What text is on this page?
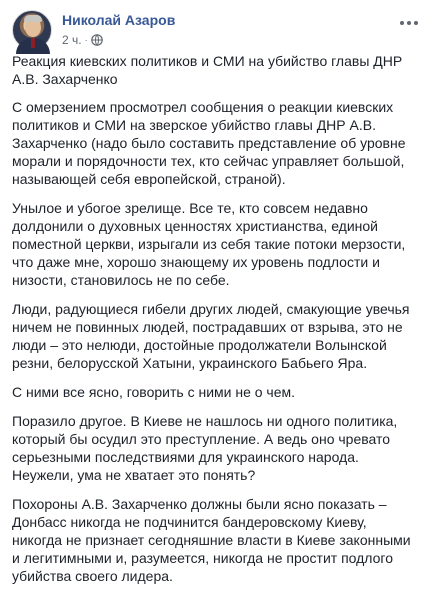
Николай Азаров
2 ч. ·

Реакция киевских политиков и СМИ на убийство главы ДНР А.В. Захарченко

С омерзением просмотрел сообщения о реакции киевских политиков и СМИ на зверское убийство главы ДНР А.В. Захарченко (надо было составить представление об уровне морали и порядочности тех, кто сейчас управляет большой, называющей себя европейской, страной).

Унылое и убогое зрелище. Все те, кто совсем недавно долдонили о духовных ценностях христианства, единой поместной церкви, изрыгали из себя такие потоки мерзости, что даже мне, хорошо знающему их уровень подлости и низости, становилось не по себе.

Люди, радующиеся гибели других людей, смакующие увечья ничем не повинных людей, пострадавших от взрыва, это не люди – это нелюди, достойные продолжатели Волынской резни, белорусской Хатыни, украинского Бабьего Яра.

С ними все ясно, говорить с ними не о чем.

Поразило другое. В Киеве не нашлось ни одного политика, который бы осудил это преступление. А ведь оно чревато серьезными последствиями для украинского народа. Неужели, ума не хватает это понять?

Похороны А.В. Захарченко должны были ясно показать – Донбасс никогда не подчинится бандеровскому Киеву, никогда не признает сегодняшние власти в Киеве законными и легитимными и, разумеется, никогда не простит подлого убийства своего лидера.
